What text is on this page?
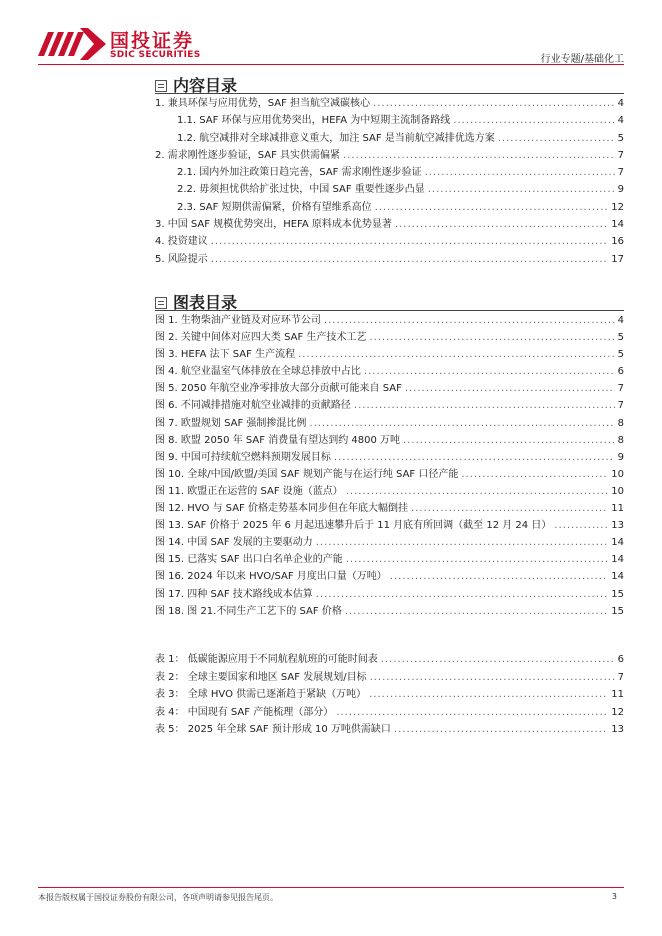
国投证券
SDIC SECURITIES	行业专题/基础化工
内容目录
1. 兼具环保与应用优势，SAF 担当航空减碳核心 .....	4
1.1. SAF 环保与应用优势突出，HEFA 为中短期主流制备路线 .....	4
1.2. 航空减排对全球减排意义重大，加注 SAF 是当前航空减排优选方案 .....	5
2. 需求刚性逐步验证，SAF 具实供需偏紧 .....	7
2.1. 国内外加注政策日趋完善，SAF 需求刚性逐步验证 .....	7
2.2. 毋须担忧供给扩张过快，中国 SAF 重要性逐步凸显 .....	9
2.3. SAF 短期供需偏紧，价格有望维系高位 .....	12
3. 中国 SAF 规模优势突出，HEFA 原料成本优势显著 .....	14
4. 投资建议 .....	16
5. 风险提示 .....	17
图表目录
图 1. 生物柴油产业链及对应环节公司 .....	4
图 2. 关键中间体对应四大类 SAF 生产技术工艺 .....	5
图 3. HEFA 法下 SAF 生产流程 .....	5
图 4. 航空业温室气体排放在全球总排放中占比 .....	6
图 5. 2050 年航空业净零排放大部分贡献可能来自 SAF .....	7
图 6. 不同减排措施对航空业减排的贡献路径 .....	7
图 7. 欧盟规划 SAF 强制掺混比例 .....	8
图 8. 欧盟 2050 年 SAF 消费量有望达到约 4800 万吨 .....	8
图 9. 中国可持续航空燃料预期发展目标 .....	9
图 10. 全球/中国/欧盟/美国 SAF 规划产能与在运行纯 SAF 口径产能 .....	10
图 11. 欧盟正在运营的 SAF 设施（蓝点） .....	10
图 12. HVO 与 SAF 价格走势基本同步但在年底大幅倒挂 .....	11
图 13. SAF 价格于 2025 年 6 月起迅速攀升后于 11 月底有所回调（截至 12 月 24 日） .....	13
图 14. 中国 SAF 发展的主要驱动力 .....	14
图 15. 已落实 SAF 出口白名单企业的产能 .....	14
图 16. 2024 年以来 HVO/SAF 月度出口量（万吨） .....	14
图 17. 四种 SAF 技术路线成本估算 .....	15
图 18. 图 21.不同生产工艺下的 SAF 价格 .....	15
表 1： 低碳能源应用于不同航程航班的可能时间表 .....	6
表 2： 全球主要国家和地区 SAF 发展规划/目标 .....	7
表 3： 全球 HVO 供需已逐渐趋于紧缺（万吨） .....	11
表 4： 中国现有 SAF 产能梳理（部分） .....	12
表 5： 2025 年全球 SAF 预计形成 10 万吨供需缺口 .....	13
本报告版权属于国投证券股份有限公司，各项声明请参见报告尾页。	3
